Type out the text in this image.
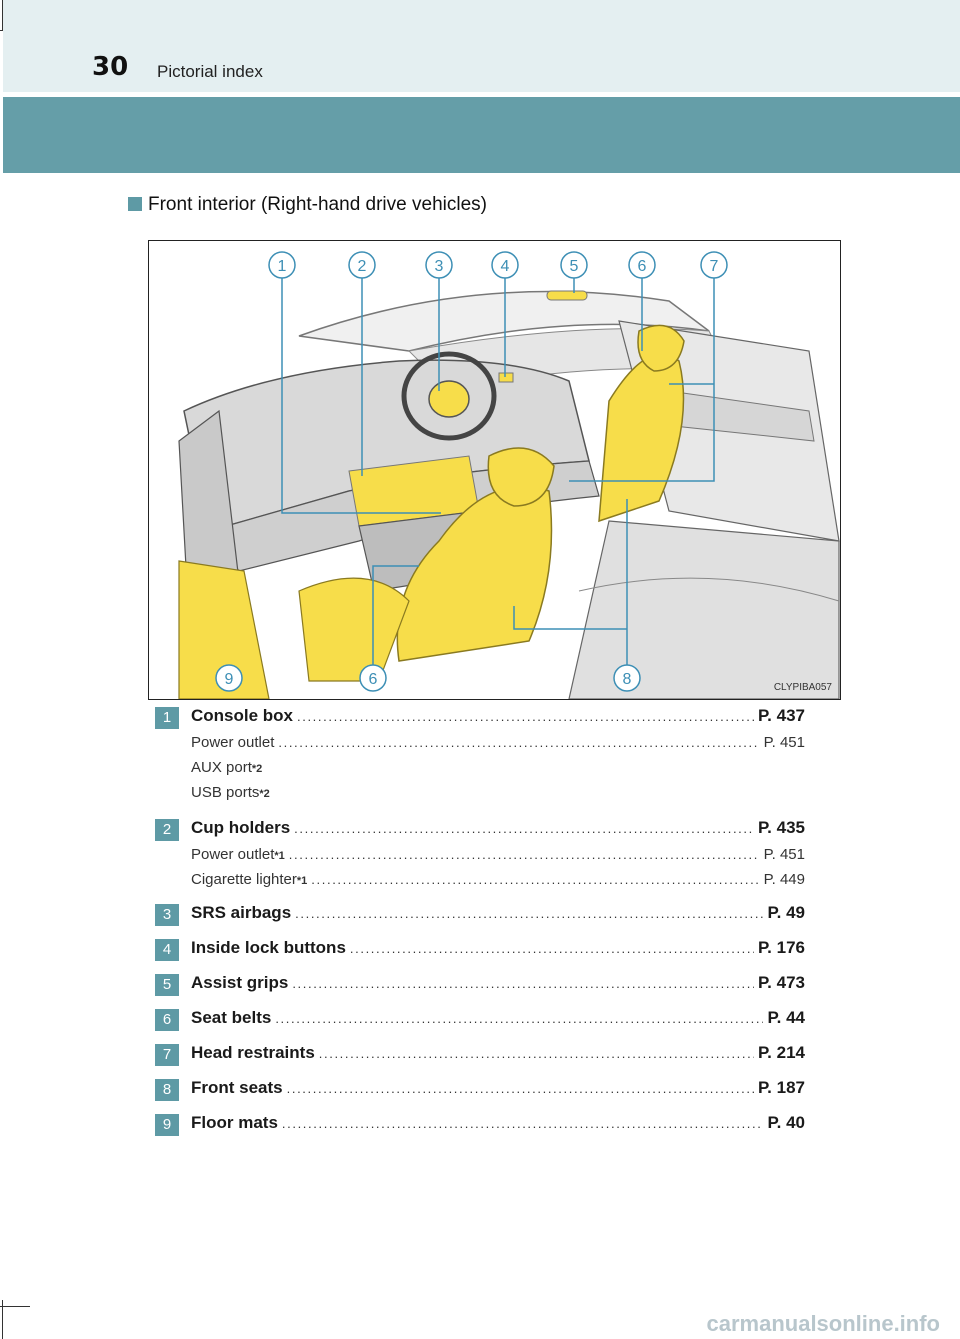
30 Pictorial index
Front interior (Right-hand drive vehicles)
1	2	3	4	5	6	7
9	6	8	CLYPIBA057
1	Console box . . .	P. 437
Power outlet . . .	P. 451
AUX port *2
USB ports *2
2	Cup holders . . .	P. 435
Power outlet *1 . . .	P. 451
Cigarette lighter *1 . . .	P. 449
3	SRS airbags . . .	P. 49
4	Inside lock buttons . . .	P. 176
5	Assist grips . . .	P. 473
6	Seat belts . . .	P. 44
7	Head restraints . . .	P. 214
8	Front seats . . .	P. 187
9	Floor mats . . .	P. 40
carmanualsonline.info
